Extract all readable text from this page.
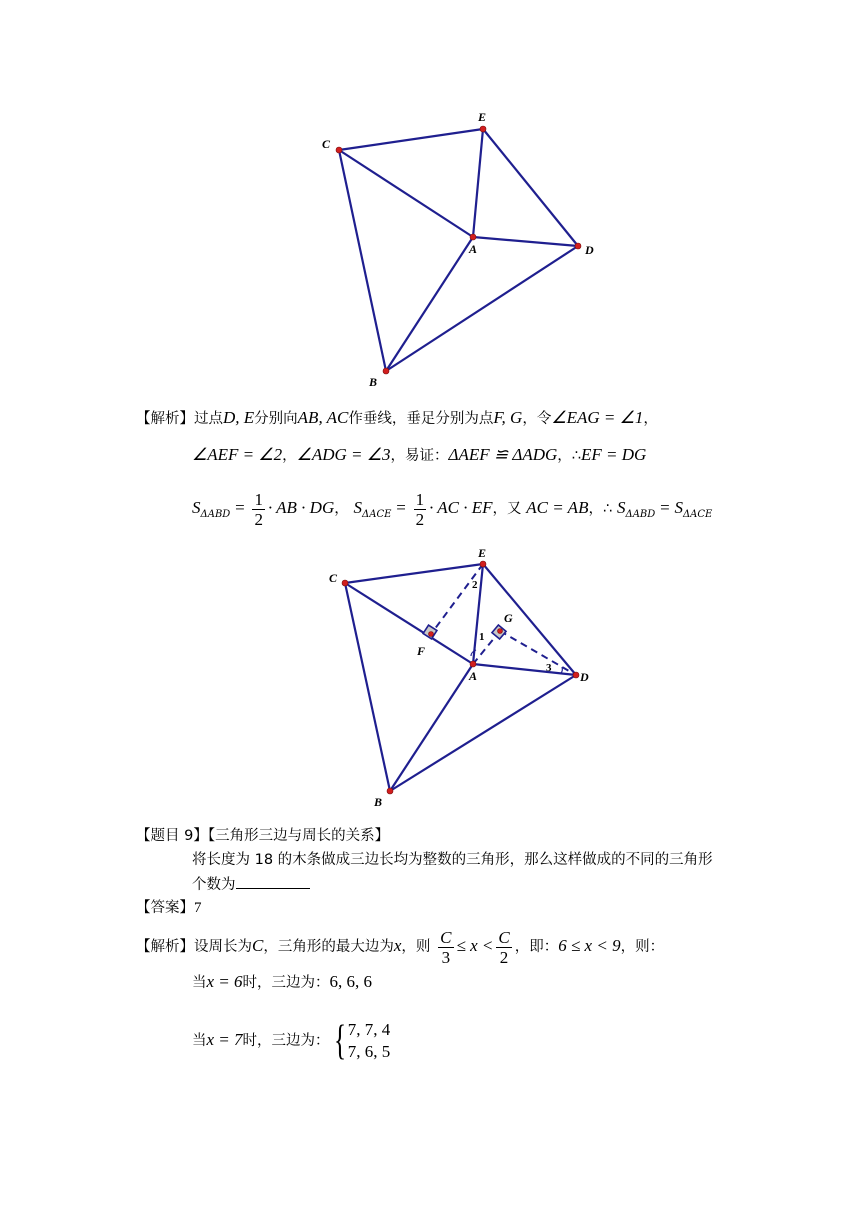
C
E
A	D
B
【解析】过点D, E分别向AB, AC作垂线，垂足分别为点F, G，令∠EAG = ∠1，
∠AEF = ∠2，∠ADG = ∠3，易证：ΔAEF ≌ ΔADG，∴EF = DG
$S_{\Delta ABD} = \frac{1}{2}$ · AB · DG， $S_{\Delta ACE} = \frac{1}{2}$ · AC · EF，又 AC = AB，∴ $S_{\Delta ABD} = S_{\Delta ACE}$
C
E
A	D
B
F
G
1
2
3
【题目 9】【三角形三边与周长的关系】
将长度为 18 的木条做成三边长均为整数的三角形，那么这样做成的不同的三角形
个数为
【答案】7
【解析】设周长为C，三角形的最大边为x，则 $\frac{C}{3} \le x < \frac{C}{2}$ ，即：6 ≤ x < 9，则：
当x = 6时，三边为：6, 6, 6
当x = 7时，三边为：{ 7, 7, 4
7, 6, 5
